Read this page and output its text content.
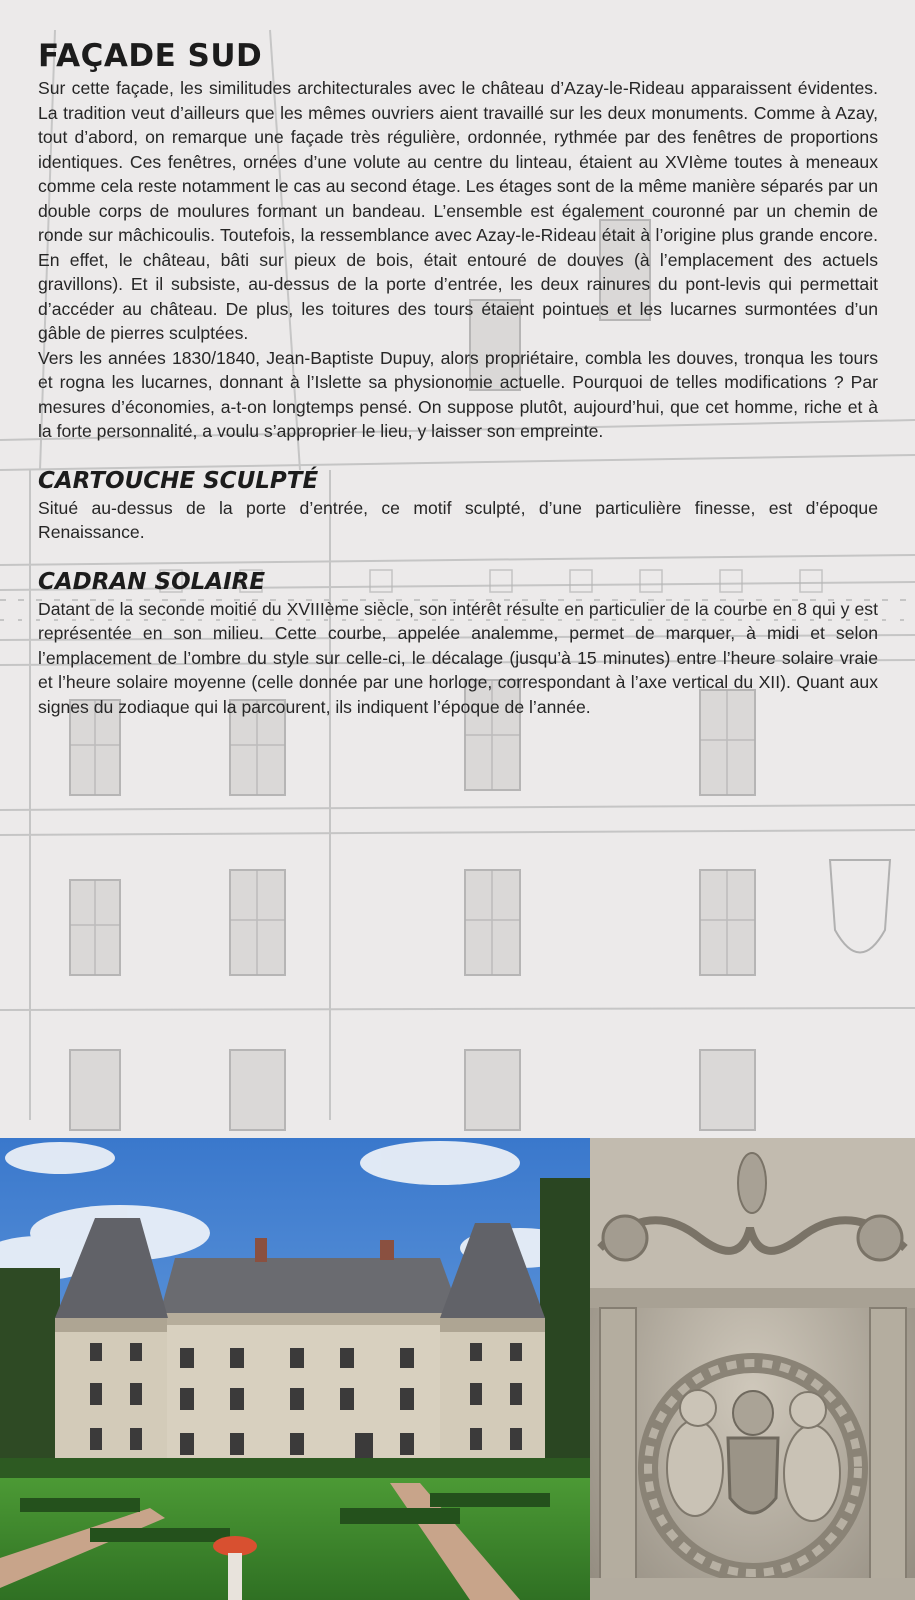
FAÇADE SUD

Sur cette façade, les similitudes architecturales avec le château d’Azay-le-Rideau apparaissent évidentes. La tradition veut d’ailleurs que les mêmes ouvriers aient travaillé sur les deux monuments. Comme à Azay, tout d’abord, on remarque une façade très régulière, ordonnée, rythmée par des fenêtres de proportions identiques. Ces fenêtres, ornées d’une volute au centre du linteau, étaient au XVIème toutes à meneaux comme cela reste notamment le cas au second étage. Les étages sont de la même manière séparés par un double corps de moulures formant un bandeau. L’ensemble est également couronné par un chemin de ronde sur mâchicoulis. Toutefois, la ressemblance avec Azay-le-Rideau était à l’origine plus grande encore. En effet, le château, bâti sur pieux de bois, était entouré de douves (à l’emplacement des actuels gravillons). Et il subsiste, au-dessus de la porte d’entrée, les deux rainures du pont-levis qui permettait d’accéder au château. De plus, les toitures des tours étaient pointues et les lucarnes surmontées d’un gâble de pierres sculptées.

Vers les années 1830/1840, Jean-Baptiste Dupuy, alors propriétaire, combla les douves, tronqua les tours et rogna les lucarnes, donnant à l’Islette sa physionomie actuelle. Pourquoi de telles modifications ? Par mesures d’économies, a-t-on longtemps pensé. On suppose plutôt, aujourd’hui, que cet homme, riche et à la forte personnalité, a voulu s’approprier le lieu, y laisser son empreinte.

CARTOUCHE SCULPTÉ

Situé au-dessus de la porte d’entrée, ce motif sculpté, d’une particulière finesse, est d’époque Renaissance.

CADRAN SOLAIRE

Datant de la seconde moitié du XVIIIème siècle, son intérêt résulte en particulier de la courbe en 8 qui y est représentée en son milieu. Cette courbe, appelée analemme, permet de marquer, à midi et selon l’emplacement de l’ombre du style sur celle-ci, le décalage (jusqu’à 15 minutes) entre l’heure solaire vraie et l’heure solaire moyenne (celle donnée par une horloge, correspondant à l’axe vertical du XII). Quant aux signes du zodiaque qui la parcourent, ils indiquent l’époque de l’année.
